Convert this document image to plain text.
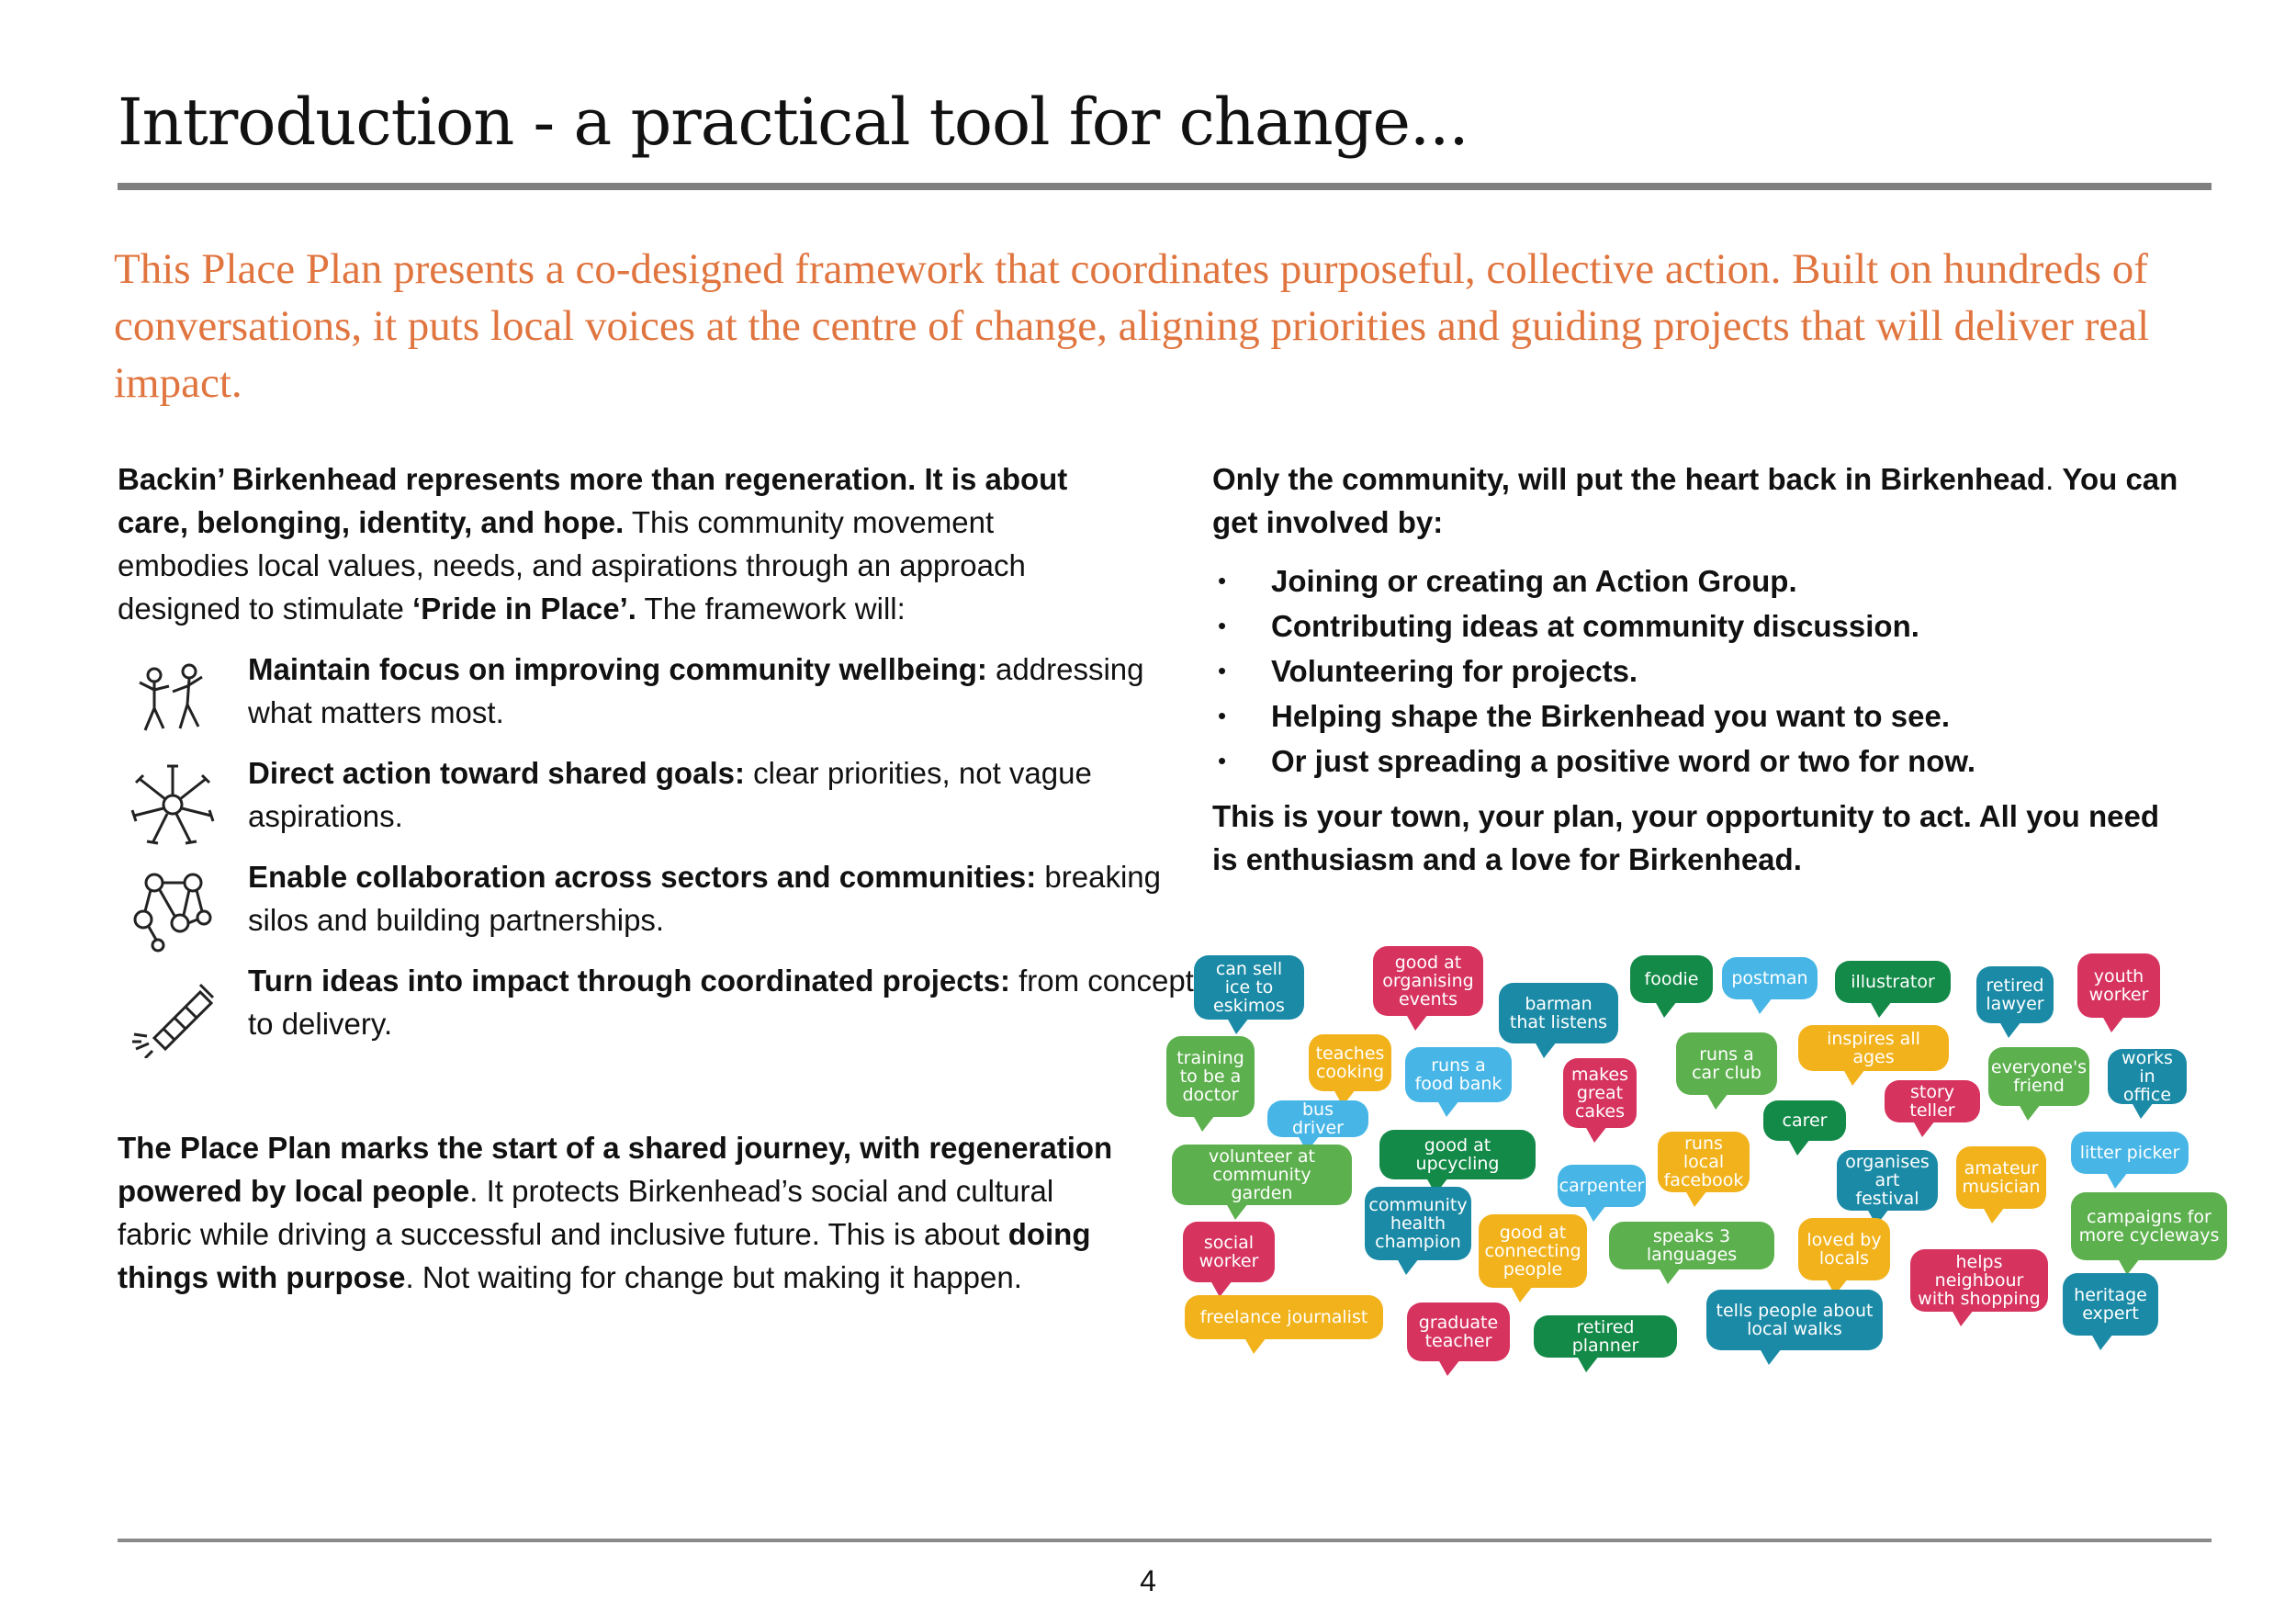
Introduction - a practical tool for change...

This Place Plan presents a co-designed framework that coordinates purposeful, collective action. Built on hundreds of conversations, it puts local voices at the centre of change, aligning priorities and guiding projects that will deliver real impact.

Backin’ Birkenhead represents more than regeneration. It is about care, belonging, identity, and hope. This community movement embodies local values, needs, and aspirations through an approach designed to stimulate ‘Pride in Place’. The framework will:

Maintain focus on improving community wellbeing: addressing what matters most.
Direct action toward shared goals: clear priorities, not vague aspirations.
Enable collaboration across sectors and communities: breaking silos and building partnerships.
Turn ideas into impact through coordinated projects: from concept to delivery.

The Place Plan marks the start of a shared journey, with regeneration powered by local people. It protects Birkenhead’s social and cultural fabric while driving a successful and inclusive future. This is about doing things with purpose. Not waiting for change but making it happen.

Only the community, will put the heart back in Birkenhead. You can get involved by:

• Joining or creating an Action Group.
• Contributing ideas at community discussion.
• Volunteering for projects.
• Helping shape the Birkenhead you want to see.
• Or just spreading a positive word or two for now.

This is your town, your plan, your opportunity to act. All you need is enthusiasm and a love for Birkenhead.

can sell ice to eskimos
good at organising events	barman that listens
foodie	postman	illustrator	retired lawyer
youth worker
training to be a doctor
teaches cooking	runs a food bank	makes great cakes
runs a car club
inspires all ages	everyone's friend
works in office
bus driver	carer
story teller
volunteer at community garden
good at upcycling
runs local facebook
carpenter
organises art festival
amateur musician
litter picker
community health champion
social worker
good at connecting people
speaks 3 languages
loved by locals
campaigns for more cycleways
helps neighbour with shopping
freelance journalist	graduate teacher
retired planner
tells people about local walks
heritage expert
4
